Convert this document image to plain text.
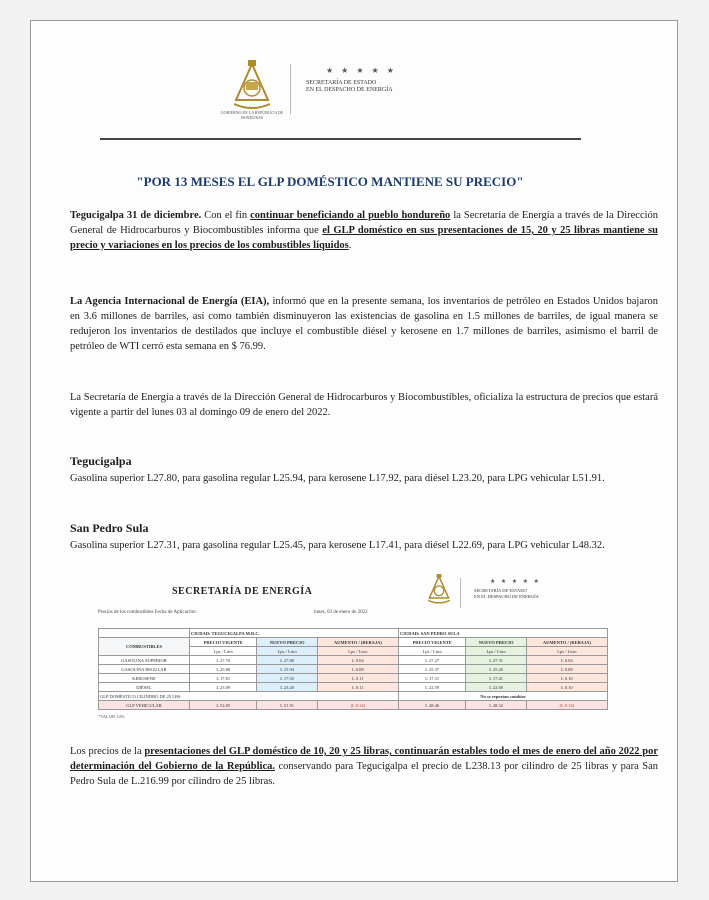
GOBIERNO DE LA REPÚBLICA DE HONDURAS
★ ★ ★ ★ ★
SECRETARÍA DE ESTADO
EN EL DESPACHO DE ENERGÍA
"POR 13 MESES EL GLP DOMÉSTICO MANTIENE SU PRECIO"
Tegucigalpa 31 de diciembre. Con el fin continuar beneficiando al pueblo hondureño la Secretaría de Energía a través de la Dirección General de Hidrocarburos y Biocombustibles informa que el GLP doméstico en sus presentaciones de 15, 20 y 25 libras mantiene su precio y variaciones en los precios de los combustibles líquidos.
La Agencia Internacional de Energía (EIA), informó que en la presente semana, los inventarios de petróleo en Estados Unidos bajaron en 3.6 millones de barriles, así como también disminuyeron las existencias de gasolina en 1.5 millones de barriles, de igual manera se redujeron los inventarios de destilados que incluye el combustible diésel y kerosene en 1.7 millones de barriles, asimismo el barril de petróleo de WTI cerró esta semana en $ 76.99.
La Secretaría de Energía a través de la Dirección General de Hidrocarburos y Biocombustibles, oficializa la estructura de precios que estará vigente a partir del lunes 03 al domingo 09 de enero del 2022.
Tegucigalpa
Gasolina superior L27.80, para gasolina regular L25.94, para kerosene L17.92, para diésel L23.20, para LPG vehicular L51.91.
San Pedro Sula
Gasolina superior L27.31, para gasolina regular L25.45, para kerosene L17.41, para diésel L22.69, para LPG vehicular L48.32.
SECRETARÍA DE ENERGÍA
★ ★ ★ ★ ★
SECRETARÍA DE ESTADO
EN EL DESPACHO DE ENERGÍA
Precios de los combustibles Fecha de Aplicación:	lunes, 03 de enero de 2022
	CIUDAD: TEGUCIGALPA M.D.C.			CIUDAD: SAN PEDRO SULA		
COMBUSTIBLES	PRECIO VIGENTE	NUEVO PRECIO	AUMENTO / (REBAJA)	PRECIO VIGENTE	NUEVO PRECIO	AUMENTO / (REBAJA)
	Lps / Litro	Lps / Litro	Lps / Litro	Lps / Litro	Lps / Litro	Lps / Litro
GASOLINA SUPERIOR	L 27.76	L 27.80	L 0.04	L 27.27	L 27.31	L 0.04
GASOLINA REGULAR	L 25.86	L 25.94	L 0.08	L 25.37	L 25.45	L 0.08
KEROSENE	L 17.81	L 17.92	L 0.11	L 17.31	L 17.41	L 0.10
DIÉSEL	L 23.09	L 23.20	L 0.11	L 22.59	L 22.69	L 0.10
GLP DOMÉSTICO CILINDRO DE 25 LBS				No se reportan cambios		
GLP VEHICULAR	L 52.05	L 51.91	(L 0.14)	L 48.46	L 48.32	(L 0.14)
*VALOR 14%
Los precios de la presentaciones del GLP doméstico de 10, 20 y 25 libras, continuarán estables todo el mes de enero del año 2022 por determinación del Gobierno de la República. conservando para Tegucigalpa el precio de L238.13 por cilindro de 25 libras y para San Pedro Sula de L.216.99 por cilindro de 25 libras.
